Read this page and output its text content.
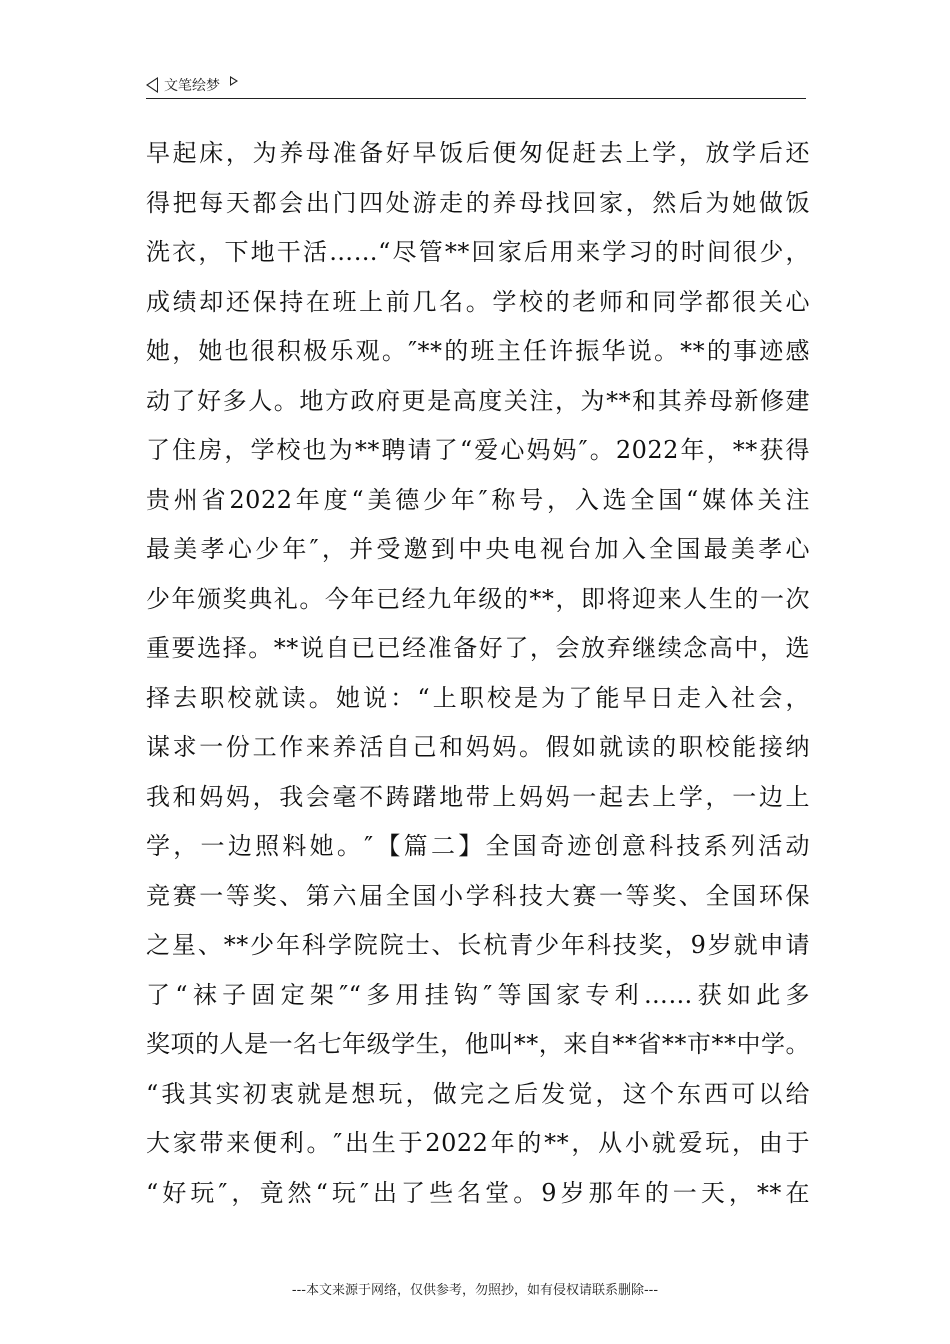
文笔绘梦
早起床，为养母准备好早饭后便匆促赶去上学，放学后还
得把每天都会出门四处游走的养母找回家，然后为她做饭
洗衣，下地干活……“尽管**回家后用来学习的时间很少，
成绩却还保持在班上前几名。学校的老师和同学都很关心
她，她也很积极乐观。″**的班主任许振华说。**的事迹感
动了好多人。地方政府更是高度关注，为**和其养母新修建
了住房，学校也为**聘请了“爱心妈妈″。2022年，**获得
贵州省2022年度“美德少年″称号，入选全国“媒体关注
最美孝心少年″，并受邀到中央电视台加入全国最美孝心
少年颁奖典礼。今年已经九年级的**，即将迎来人生的一次
重要选择。**说自已已经准备好了，会放弃继续念高中，选
择去职校就读。她说：“上职校是为了能早日走入社会，
谋求一份工作来养活自己和妈妈。假如就读的职校能接纳
我和妈妈，我会毫不踌躇地带上妈妈一起去上学，一边上
学，一边照料她。″【篇二】全国奇迹创意科技系列活动
竞赛一等奖、第六届全国小学科技大赛一等奖、全国环保
之星、**少年科学院院士、长杭青少年科技奖，9岁就申请
了“袜子固定架″“多用挂钩″等国家专利……获如此多
奖项的人是一名七年级学生，他叫**，来自**省**市**中学。
“我其实初衷就是想玩，做完之后发觉，这个东西可以给
大家带来便利。″出生于2022年的**，从小就爱玩，由于
“好玩″，竟然“玩″出了些名堂。9岁那年的一天，**在
---本文来源于网络，仅供参考，勿照抄，如有侵权请联系删除---
